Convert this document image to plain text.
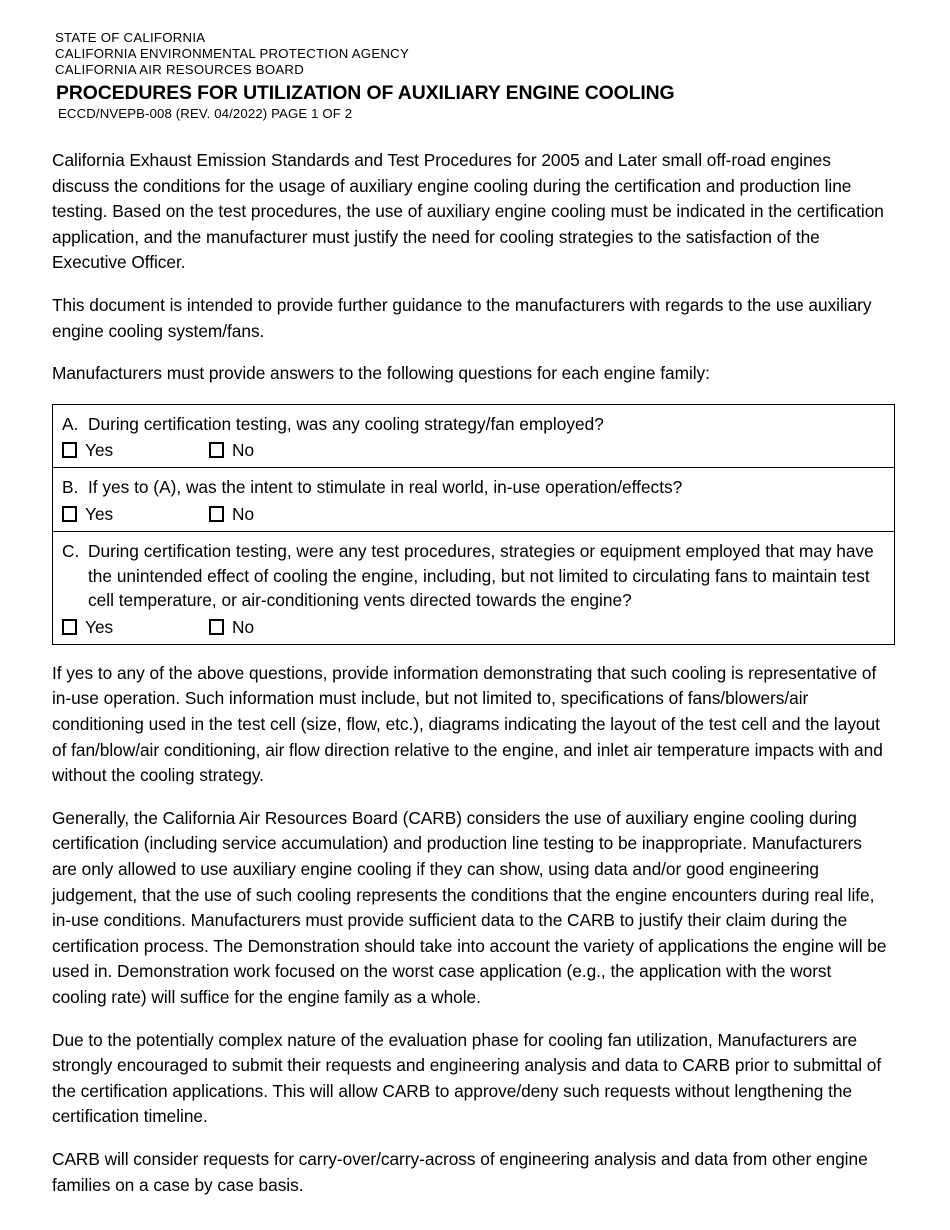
STATE OF CALIFORNIA
CALIFORNIA ENVIRONMENTAL PROTECTION AGENCY
CALIFORNIA AIR RESOURCES BOARD
PROCEDURES FOR UTILIZATION OF AUXILIARY ENGINE COOLING
ECCD/NVEPB-008 (REV. 04/2022) PAGE 1 OF 2

California Exhaust Emission Standards and Test Procedures for 2005 and Later small off-road engines discuss the conditions for the usage of auxiliary engine cooling during the certification and production line testing. Based on the test procedures, the use of auxiliary engine cooling must be indicated in the certification application, and the manufacturer must justify the need for cooling strategies to the satisfaction of the Executive Officer.

This document is intended to provide further guidance to the manufacturers with regards to the use auxiliary engine cooling system/fans.

Manufacturers must provide answers to the following questions for each engine family:

A. During certification testing, was any cooling strategy/fan employed?
Yes	No
B. If yes to (A), was the intent to stimulate in real world, in-use operation/effects?
Yes	No
C. During certification testing, were any test procedures, strategies or equipment employed that may have the unintended effect of cooling the engine, including, but not limited to circulating fans to maintain test cell temperature, or air-conditioning vents directed towards the engine?
Yes	No

If yes to any of the above questions, provide information demonstrating that such cooling is representative of in-use operation. Such information must include, but not limited to, specifications of fans/blowers/air conditioning used in the test cell (size, flow, etc.), diagrams indicating the layout of the test cell and the layout of fan/blow/air conditioning, air flow direction relative to the engine, and inlet air temperature impacts with and without the cooling strategy.

Generally, the California Air Resources Board (CARB) considers the use of auxiliary engine cooling during certification (including service accumulation) and production line testing to be inappropriate. Manufacturers are only allowed to use auxiliary engine cooling if they can show, using data and/or good engineering judgement, that the use of such cooling represents the conditions that the engine encounters during real life, in-use conditions. Manufacturers must provide sufficient data to the CARB to justify their claim during the certification process. The Demonstration should take into account the variety of applications the engine will be used in. Demonstration work focused on the worst case application (e.g., the application with the worst cooling rate) will suffice for the engine family as a whole.

Due to the potentially complex nature of the evaluation phase for cooling fan utilization, Manufacturers are strongly encouraged to submit their requests and engineering analysis and data to CARB prior to submittal of the certification applications. This will allow CARB to approve/deny such requests without lengthening the certification timeline.

CARB will consider requests for carry-over/carry-across of engineering analysis and data from other engine families on a case by case basis.
